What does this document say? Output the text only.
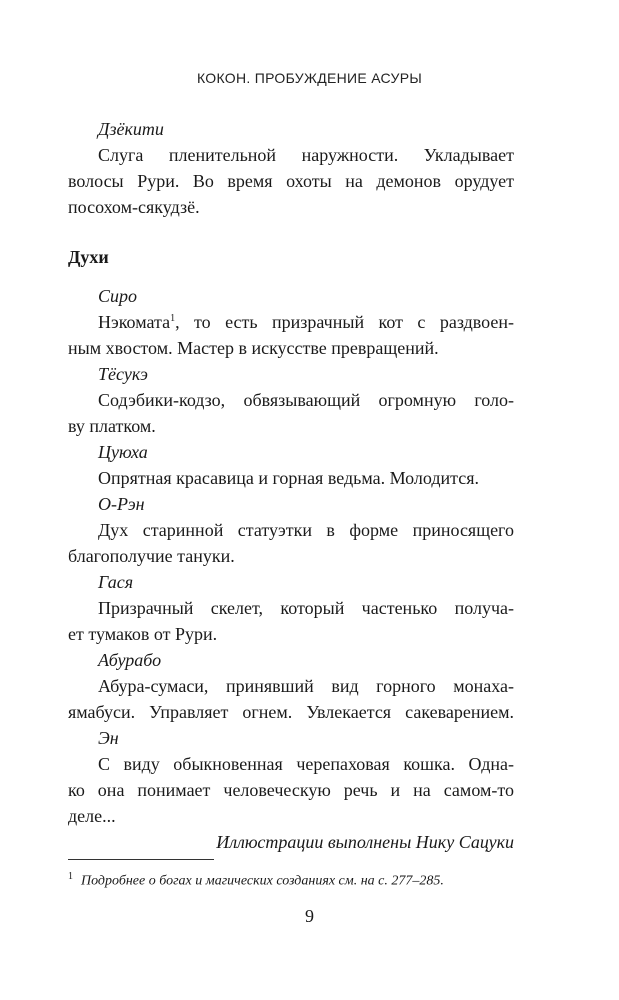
КОКОН. ПРОБУЖДЕНИЕ АСУРЫ
Дзёкити
Слуга пленительной наружности. Укладывает
волосы Рури. Во время охоты на демонов орудует
посохом-сякудзё.
Духи
Сиро
Нэкомата$^1$, то есть призрачный кот с раздвоен-
ным хвостом. Мастер в искусстве превращений.
Тёсукэ
Содэбики-кодзо, обвязывающий огромную голо-
ву платком.
Цуюха
Опрятная красавица и горная ведьма. Молодится.
О-Рэн
Дух старинной статуэтки в форме приносящего
благополучие тануки.
Гася
Призрачный скелет, который частенько получа-
ет тумаков от Рури.
Абурабо
Абура-сумаси, принявший вид горного монаха-
ямабуси. Управляет огнем. Увлекается сакеварением.
Эн
С виду обыкновенная черепаховая кошка. Одна-
ко она понимает человеческую речь и на самом-то
деле...
Иллюстрации выполнены Нику Сацуки
$^1$ Подробнее о богах и магических созданиях см. на с. 277–285.
9
